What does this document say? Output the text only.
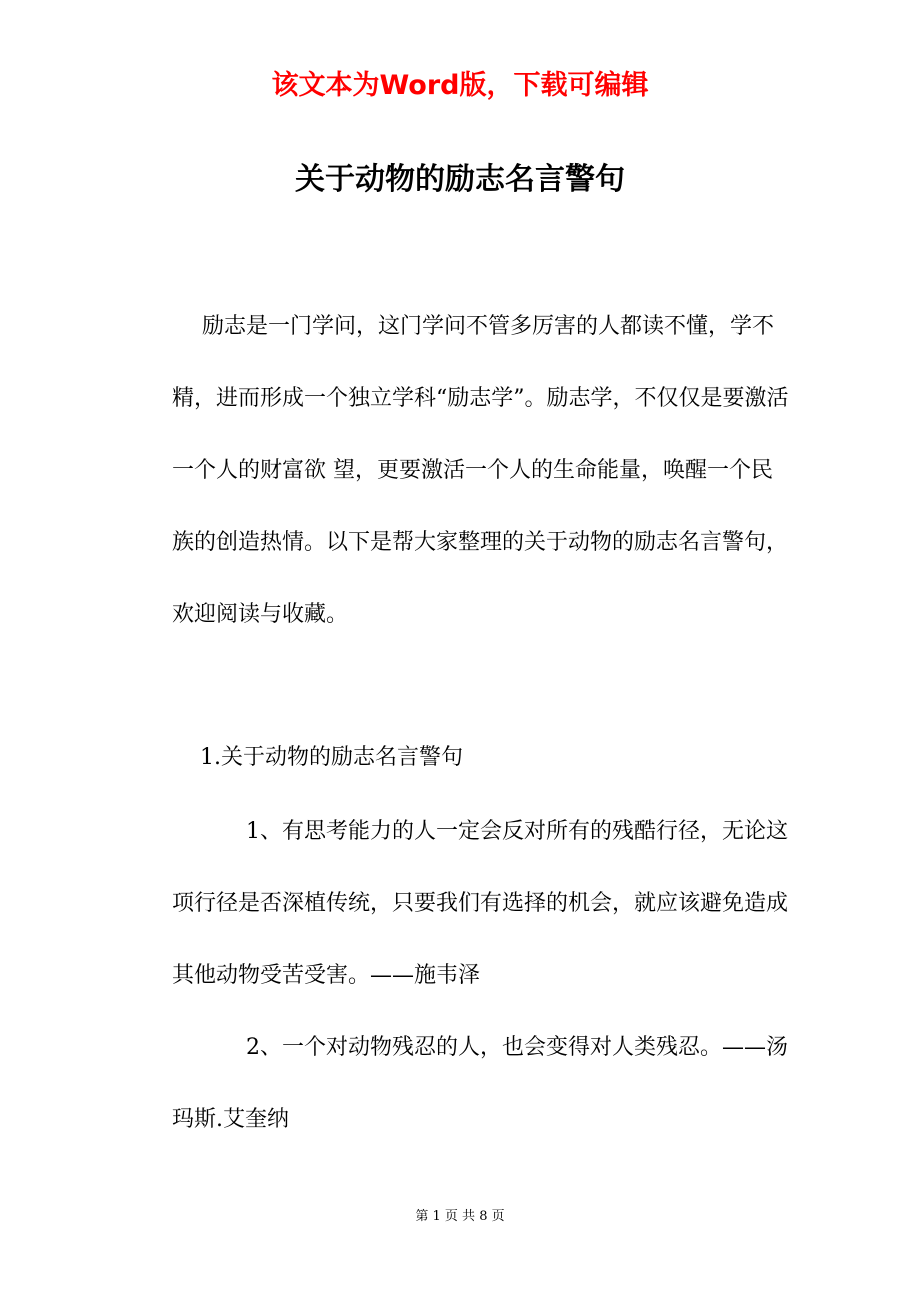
该文本为Word版，下载可编辑
关于动物的励志名言警句
励志是一门学问，这门学问不管多厉害的人都读不懂，学不精，进而形成一个独立学科“励志学”。励志学，不仅仅是要激活一个人的财富欲 望，更要激活一个人的生命能量，唤醒一个民族的创造热情。以下是帮大家整理的关于动物的励志名言警句，欢迎阅读与收藏。
1.关于动物的励志名言警句
1、有思考能力的人一定会反对所有的残酷行径，无论这项行径是否深植传统，只要我们有选择的机会，就应该避免造成其他动物受苦受害。——施韦泽
2、一个对动物残忍的人，也会变得对人类残忍。——汤玛斯.艾奎纳
第 1 页 共 8 页
